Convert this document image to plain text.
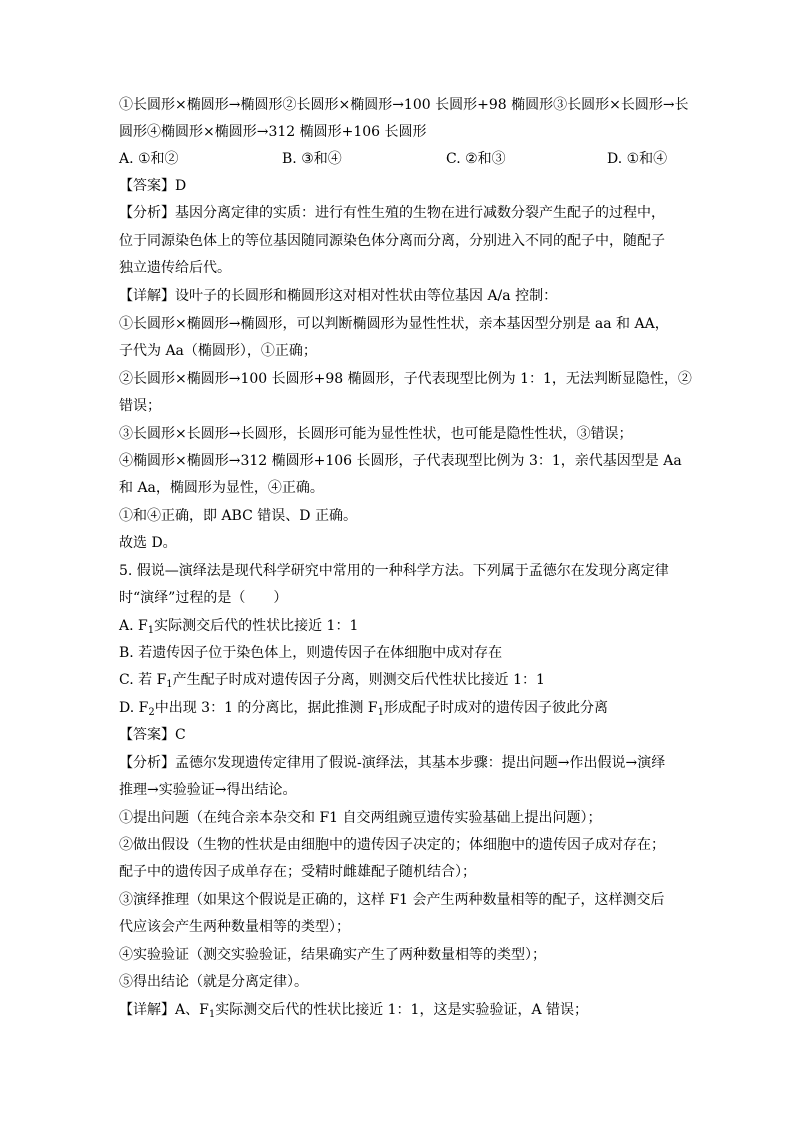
①长圆形×椭圆形→椭圆形②长圆形×椭圆形→100 长圆形+98 椭圆形③长圆形×长圆形→长
圆形④椭圆形×椭圆形→312 椭圆形+106 长圆形
A. ①和②	B. ③和④	C. ②和③	D. ①和④
【答案】D
【分析】基因分离定律的实质：进行有性生殖的生物在进行减数分裂产生配子的过程中，
位于同源染色体上的等位基因随同源染色体分离而分离，分别进入不同的配子中，随配子
独立遗传给后代。
【详解】设叶子的长圆形和椭圆形这对相对性状由等位基因 A/a 控制：
①长圆形×椭圆形→椭圆形，可以判断椭圆形为显性性状，亲本基因型分别是 aa 和 AA，
子代为 Aa（椭圆形），①正确；
②长圆形×椭圆形→100 长圆形+98 椭圆形，子代表现型比例为 1：1，无法判断显隐性，②
错误；
③长圆形×长圆形→长圆形，长圆形可能为显性性状，也可能是隐性性状，③错误；
④椭圆形×椭圆形→312 椭圆形+106 长圆形，子代表现型比例为 3：1，亲代基因型是 Aa
和 Aa，椭圆形为显性，④正确。
①和④正确，即 ABC 错误、D 正确。
故选 D。
5. 假说—演绎法是现代科学研究中常用的一种科学方法。下列属于孟德尔在发现分离定律
时“演绎”过程的是（　　）
A. $F_1$实际测交后代的性状比接近 1：1
B. 若遗传因子位于染色体上，则遗传因子在体细胞中成对存在
C. 若 $F_1$产生配子时成对遗传因子分离，则测交后代性状比接近 1：1
D. $F_2$中出现 3：1 的分离比，据此推测 $F_1$形成配子时成对的遗传因子彼此分离
【答案】C
【分析】孟德尔发现遗传定律用了假说-演绎法，其基本步骤：提出问题→作出假说→演绎
推理→实验验证→得出结论。
①提出问题（在纯合亲本杂交和 F1 自交两组豌豆遗传实验基础上提出问题）；
②做出假设（生物的性状是由细胞中的遗传因子决定的；体细胞中的遗传因子成对存在；
配子中的遗传因子成单存在；受精时雌雄配子随机结合）；
③演绎推理（如果这个假说是正确的，这样 F1 会产生两种数量相等的配子，这样测交后
代应该会产生两种数量相等的类型）；
④实验验证（测交实验验证，结果确实产生了两种数量相等的类型）；
⑤得出结论（就是分离定律）。
【详解】A、$F_1$实际测交后代的性状比接近 1：1，这是实验验证，A 错误；
